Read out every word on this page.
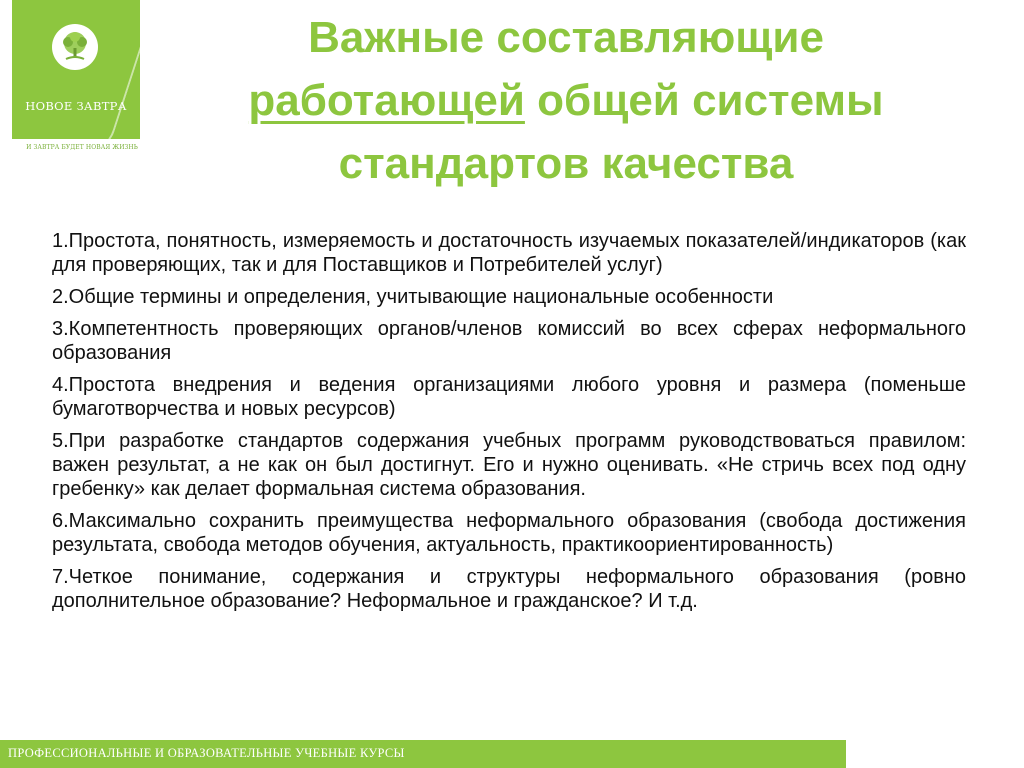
НОВОЕ ЗАВТРА
И ЗАВТРА БУДЕТ НОВАЯ ЖИЗНЬ
Важные составляющие
работающей общей системы
стандартов качества
1.Простота, понятность, измеряемость и достаточность изучаемых показателей/индикаторов (как для проверяющих, так и для Поставщиков и Потребителей услуг)
2.Общие термины и определения, учитывающие национальные особенности
3.Компетентность проверяющих органов/членов комиссий во всех сферах неформального образования
4.Простота внедрения и ведения организациями любого уровня и размера (поменьше бумаготворчества и новых ресурсов)
5.При разработке стандартов содержания учебных программ руководствоваться правилом: важен результат, а не как он был достигнут. Его и нужно оценивать. «Не стричь всех под одну гребенку» как делает формальная система образования.
6.Максимально сохранить преимущества неформального образования (свобода достижения результата, свобода методов обучения, актуальность, практикоориентированность)
7.Четкое понимание, содержания и структуры неформального образования (ровно дополнительное образование? Неформальное и гражданское? И т.д.
ПРОФЕССИОНАЛЬНЫЕ И ОБРАЗОВАТЕЛЬНЫЕ УЧЕБНЫЕ КУРСЫ
